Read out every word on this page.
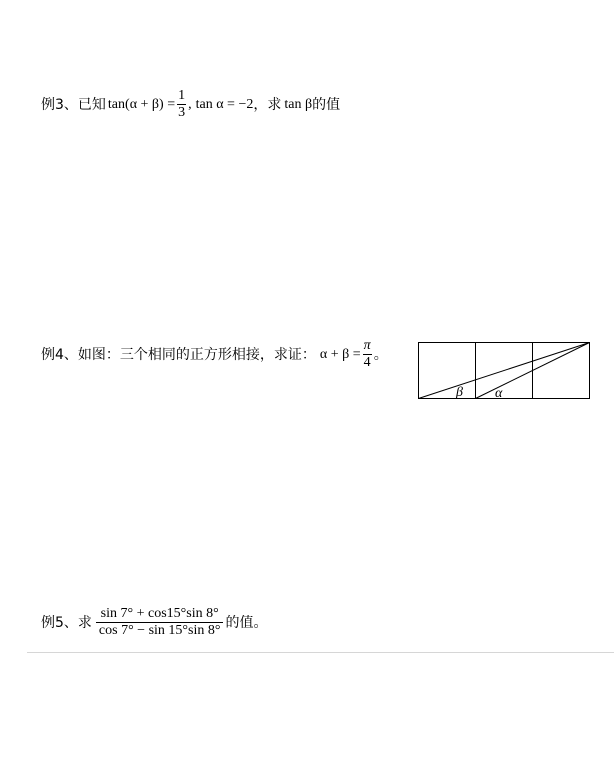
例3、 已知 $\tan(\alpha + \beta) = \frac{1}{3}$ , tan α = −2 ， 求 tan β 的值
例4、 如图：三个相同的正方形相接，求证： $\alpha + \beta = \frac{\pi}{4}$ 。
β α
例5、 求 $\frac{\sin 7^\circ + \cos 15^\circ\sin 8^\circ}{\cos 7^\circ - \sin 15^\circ\sin 8^\circ}$ 的值。
